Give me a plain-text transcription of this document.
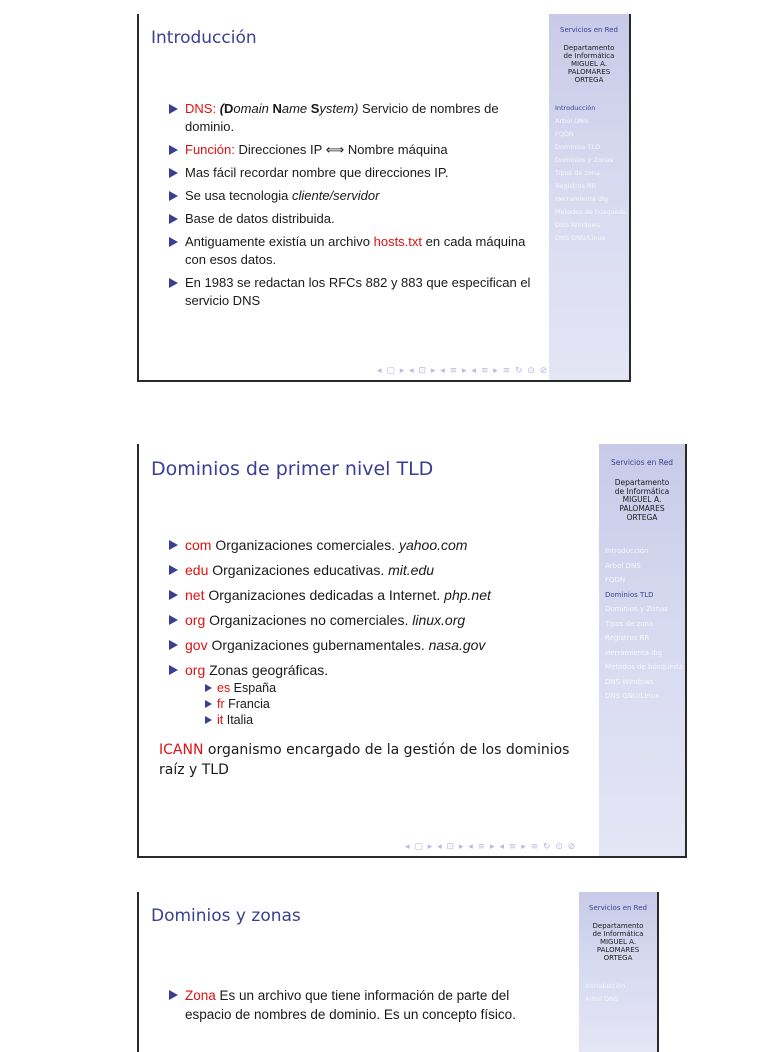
Introducción
DNS: (Domain Name System) Servicio de nombres de dominio.
Función: Direcciones IP ⟺ Nombre máquina
Mas fácil recordar nombre que direcciones IP.
Se usa tecnologia cliente/servidor
Base de datos distribuida.
Antiguamente existía un archivo hosts.txt en cada máquina con esos datos.
En 1983 se redactan los RFCs 882 y 883 que especifican el servicio DNS
◂ ▢ ▸ ◂ ⊡ ▸ ◂ ≡ ▸ ◂ ≡ ▸ ≡ ↻ ⊙ ⊘
Servicios en Red
Departamento de Informática
MIGUEL A. PALOMARES ORTEGA
Introducción
Arbol DNS
FQDN
Dominios TLD
Dominios y Zonas
Tipos de zona
Registros RR
Herramienta dig
Metodos de búsqueda
DNS Windows
DNS GNU/Linux
Dominios de primer nivel TLD
com Organizaciones comerciales. yahoo.com
edu Organizaciones educativas. mit.edu
net Organizaciones dedicadas a Internet. php.net
org Organizaciones no comerciales. linux.org
gov Organizaciones gubernamentales. nasa.gov
org Zonas geográficas.
es España
fr Francia
it Italia
ICANN organismo encargado de la gestión de los dominios raíz y TLD
◂ ▢ ▸ ◂ ⊡ ▸ ◂ ≡ ▸ ◂ ≡ ▸ ≡ ↻ ⊙ ⊘
Servicios en Red
Departamento de Informática
MIGUEL A. PALOMARES ORTEGA
Introducción
Arbol DNS
FQDN
Dominios TLD
Dominios y Zonas
Tipos de zona
Registros RR
Herramienta dig
Metodos de búsqueda
DNS Windows
DNS GNU/Linux
Dominios y zonas
Zona Es un archivo que tiene información de parte del espacio de nombres de dominio. Es un concepto físico.
Servicios en Red
Departamento de Informática
MIGUEL A. PALOMARES ORTEGA
Introducción
Arbol DNS
